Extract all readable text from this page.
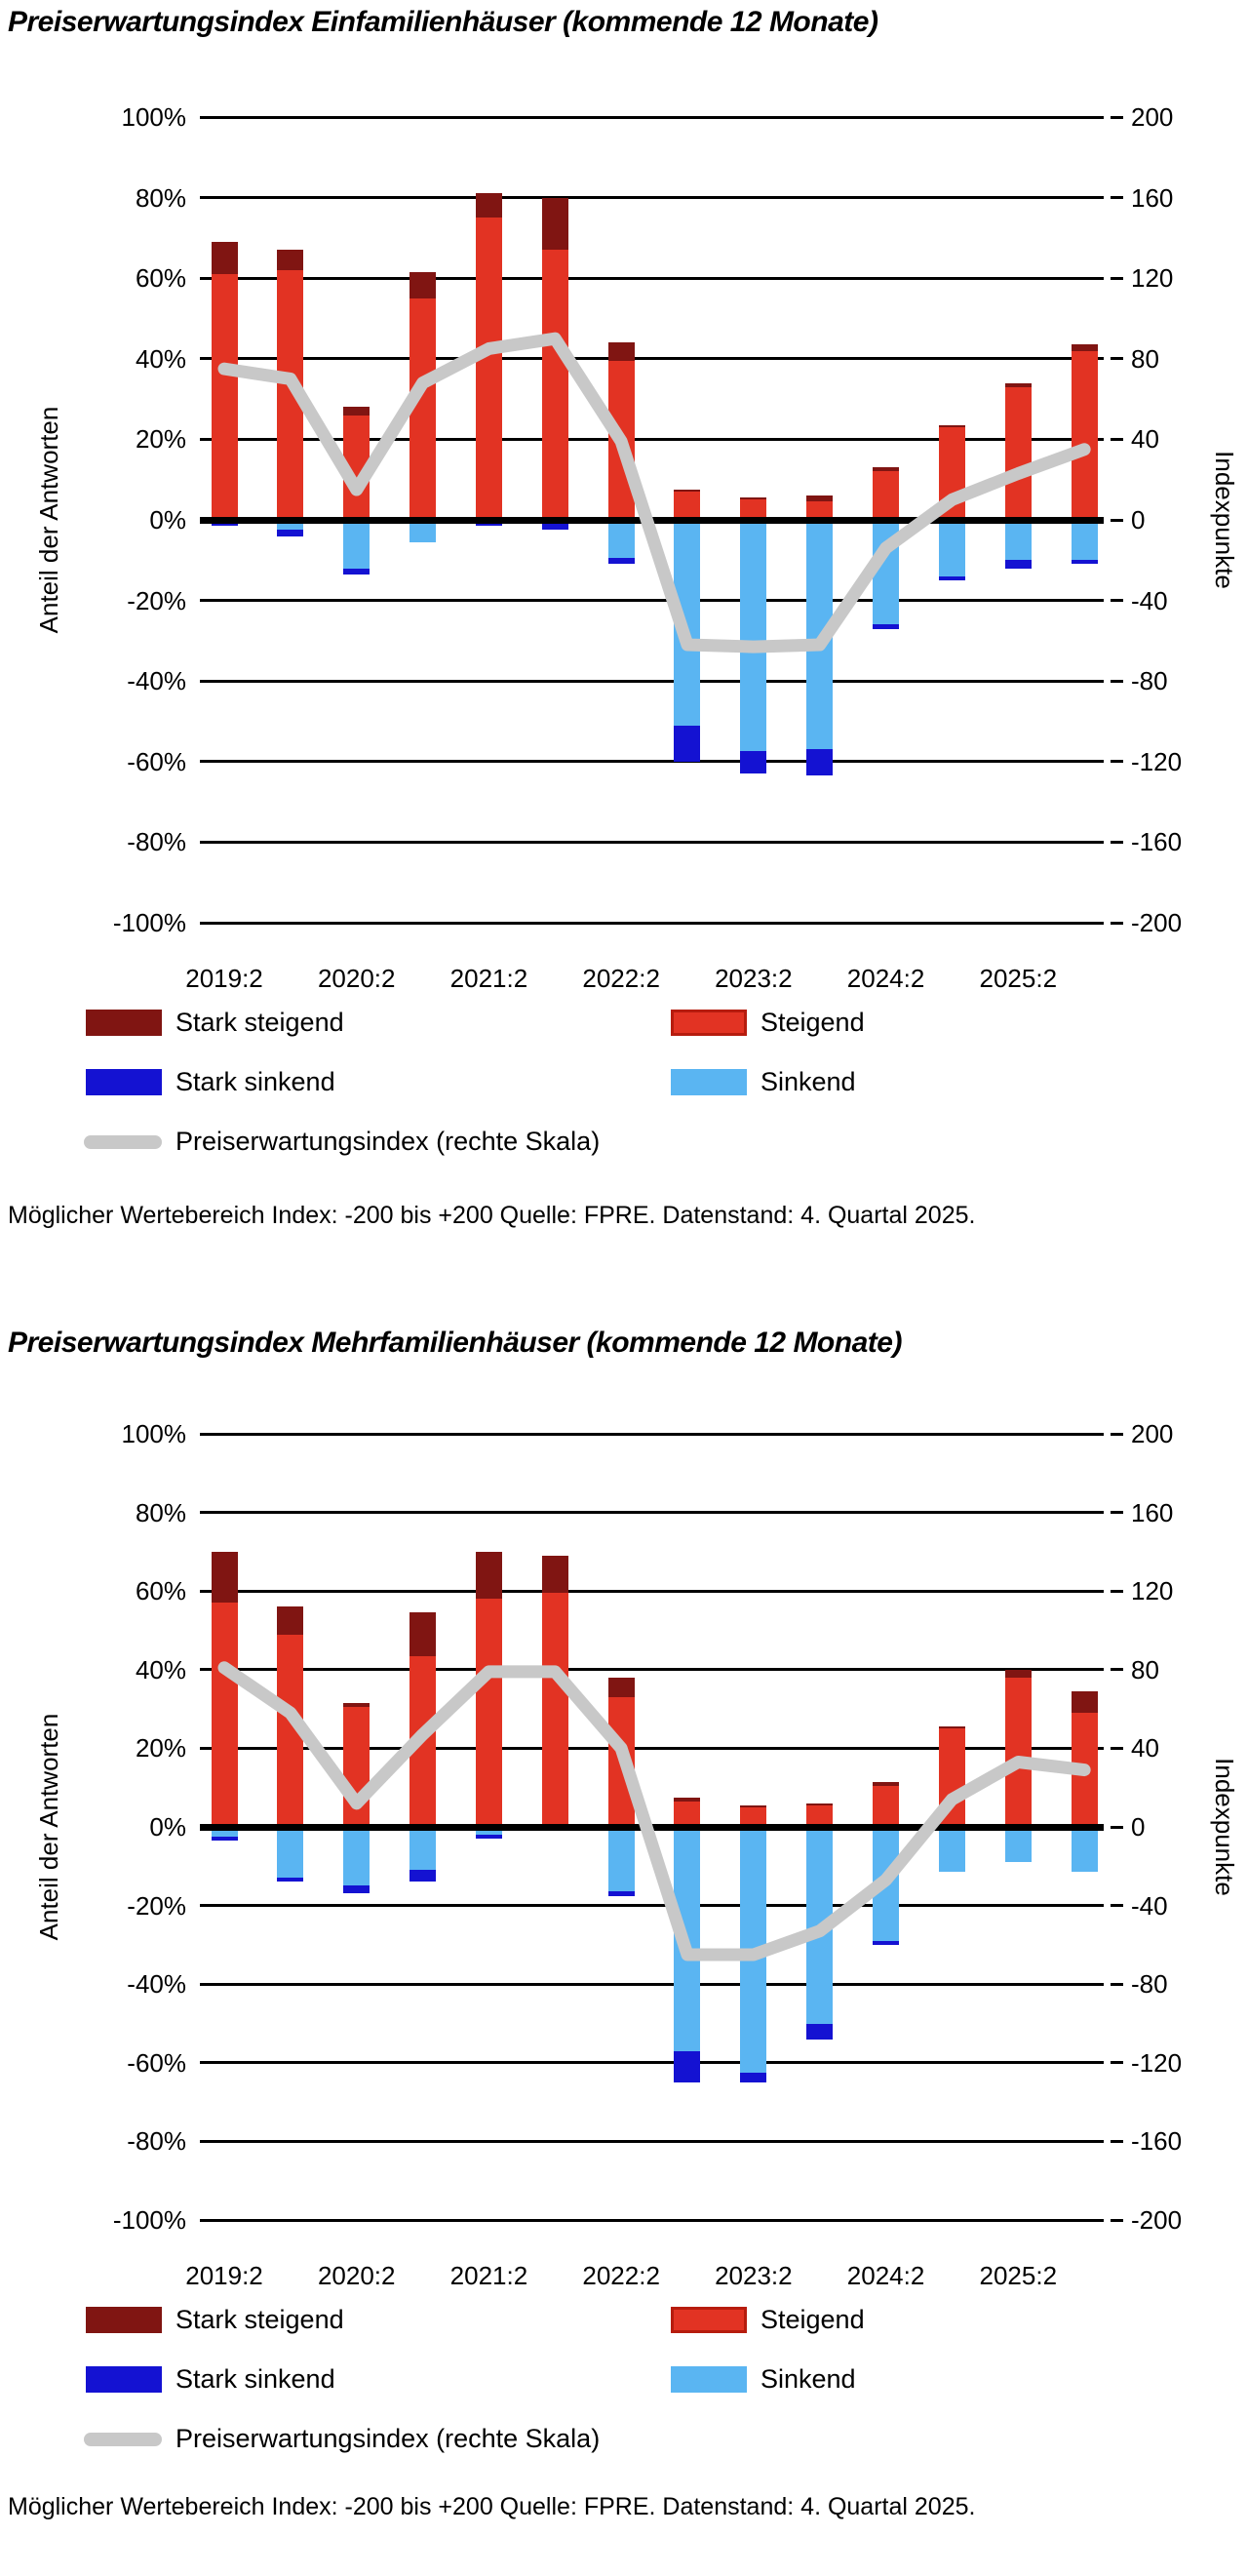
Preiserwartungsindex Einfamilienhäuser (kommende 12 Monate)
Anteil der Antworten	Indexpunkte
100%	200
80%	160
60%	120
40%	80
20%	40
0%	0
-20%	-40
-40%	-80
-60%	-120
-80%	-160
-100%	-200
2019:2	2020:2	2021:2	2022:2	2023:2	2024:2	2025:2
Stark steigend	Steigend
Stark sinkend	Sinkend
Preiserwartungsindex (rechte Skala)

Möglicher Wertebereich Index: -200 bis +200 Quelle: FPRE. Datenstand: 4. Quartal 2025.

Preiserwartungsindex Mehrfamilienhäuser (kommende 12 Monate)
Anteil der Antworten	Indexpunkte
100%	200
80%	160
60%	120
40%	80
20%	40
0%	0
-20%	-40
-40%	-80
-60%	-120
-80%	-160
-100%	-200
2019:2	2020:2	2021:2	2022:2	2023:2	2024:2	2025:2
Stark steigend	Steigend
Stark sinkend	Sinkend
Preiserwartungsindex (rechte Skala)

Möglicher Wertebereich Index: -200 bis +200 Quelle: FPRE. Datenstand: 4. Quartal 2025.
